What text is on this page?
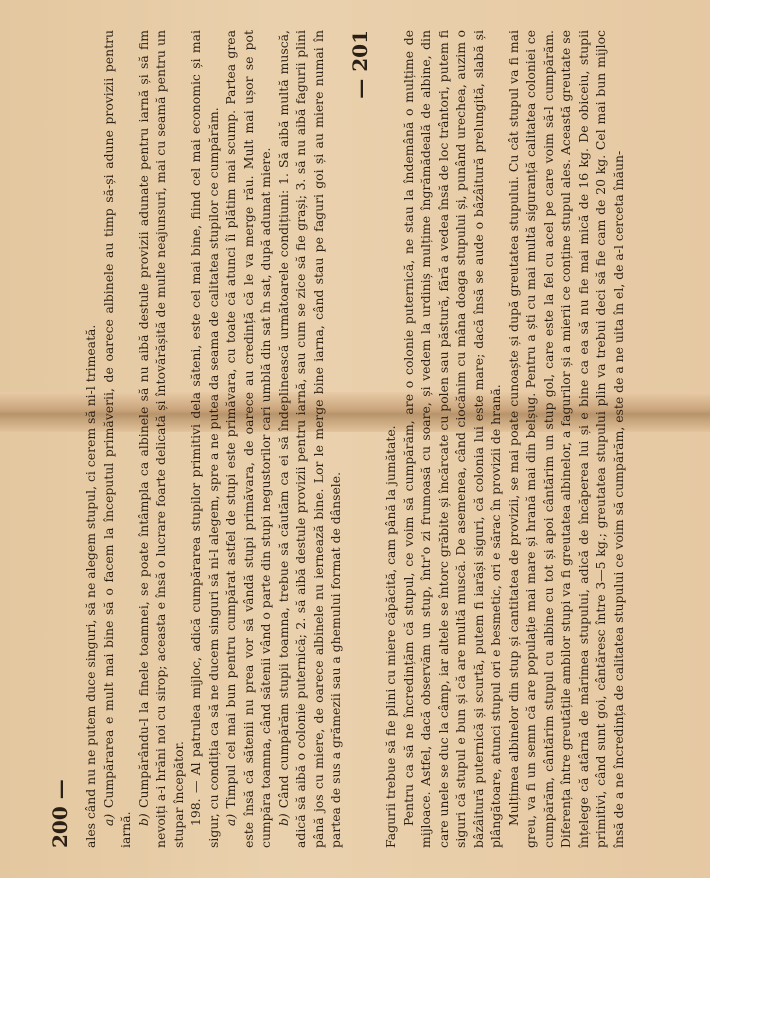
200 — ales când nu ne putem duce singuri, să ne alegem stupul, ci cerem să ni-l trimeată. a) Cumpărarea e mult mai bine să o facem la începutul primăverii, de oarece albinele au timp să-și adune provizii pentru iarnă. b) Cumpărându-l la finele toamnei, se poate întâmpla ca albinele să nu aibă destule provizii adunate pentru iarnă și să fim nevoiți a-i hrăni noi cu sirop; aceasta e însă o lucrare foarte delicată și întovărășită de multe neajunsuri, mai cu seamă pentru un stupar începător. 198. — Al patrulea mijloc, adică cumpărarea stupilor primitivi dela săteni, este cel mai bine, fiind cel mai economic și mai sigur, cu condiția ca să ne ducem singuri să ni-l alegem, spre a ne putea da seama de calitatea stupilor ce cumpărăm. a) Timpul cel mai bun pentru cumpărat astfel de stupi este primăvara, cu toate că atunci îi plătim mai scump. Partea grea este însă că sătenii nu prea vor să vândă stupi primăvara, de oarece au credință că le va merge rău. Mult mai ușor se pot cumpăra toamna, când sătenii vând o parte din stupi negustorilor cari umblă din sat în sat, după adunat miere. b) Când cumpărăm stupii toamna, trebue să căutăm ca ei să îndeplinească următoarele condițiuni: 1. Să aibă multă muscă, adică să aibă o colonie puternică; 2. să aibă destule provizii pentru iarnă, sau cum se zice să fie grași; 3. să nu aibă fagurii plini până jos cu miere, de oarece albinele nu iernează bine. Lor le merge bine iarna, când stau pe faguri goi și au miere numai în partea de sus a grămezii sau a ghemului format de dânsele.

— 201

Fagurii trebue să fie plini cu miere căpăcită, cam până la jumătate. Pentru ca să ne încredințăm că stupul, ce voim să cumpărăm, are o colonie puternică, ne stau la îndemână o mulțime de mijloace. Astfel, dacă observăm un stup, într'o zi frumoasă cu soare, și vedem la urdiniș mulțime îngrămădeală de albine, din care unele se duc la câmp, iar altele se întorc grăbite și încărcate cu polen sau păstură, fără a vedea însă de loc trântori, putem fi siguri că stupul e bun și că are multă muscă. De asemenea, când ciocănim cu mâna doaga stupului și, punând urechea, auzim o bâzâitură puternică și scurtă, putem fi iarăși siguri, că colonia lui este mare; dacă însă se aude o bâzâitură prelungită, slabă și plângătoare, atunci stupul ori e besmetic, ori e sărac în provizii de hrană. Mulțimea albinelor din stup și cantitatea de provizii, se mai poate cunoaște și după greutatea stupului. Cu cât stupul va fi mai greu, va fi un semn că are populație mai mare și hrană mai din belșug. Pentru a ști cu mai multă siguranță calitatea coloniei ce cumpărăm, cântărim stupul cu albine cu tot și apoi cântărim un stup gol, care este la fel cu acel pe care voim să-l cumpărăm. Diferența între greutățile ambilor stupi va fi greutatea albinelor, a fagurilor și a mierii ce conține stupul ales. Această greutate se înțelege că atârnă de mărimea stupului, adică de încăperea lui și e bine ca ea să nu fie mai mică de 16 kg. De obiceiu, stupii primitivi, când sunt goi, cântăresc între 3—5 kg.; greutatea stupului plin va trebui deci să fie cam de 20 kg. Cel mai bun mijloc însă de a ne încredința de calitatea stupului ce voim să cumpărăm, este de a ne uita în el, de a-l cerceta înăun-
